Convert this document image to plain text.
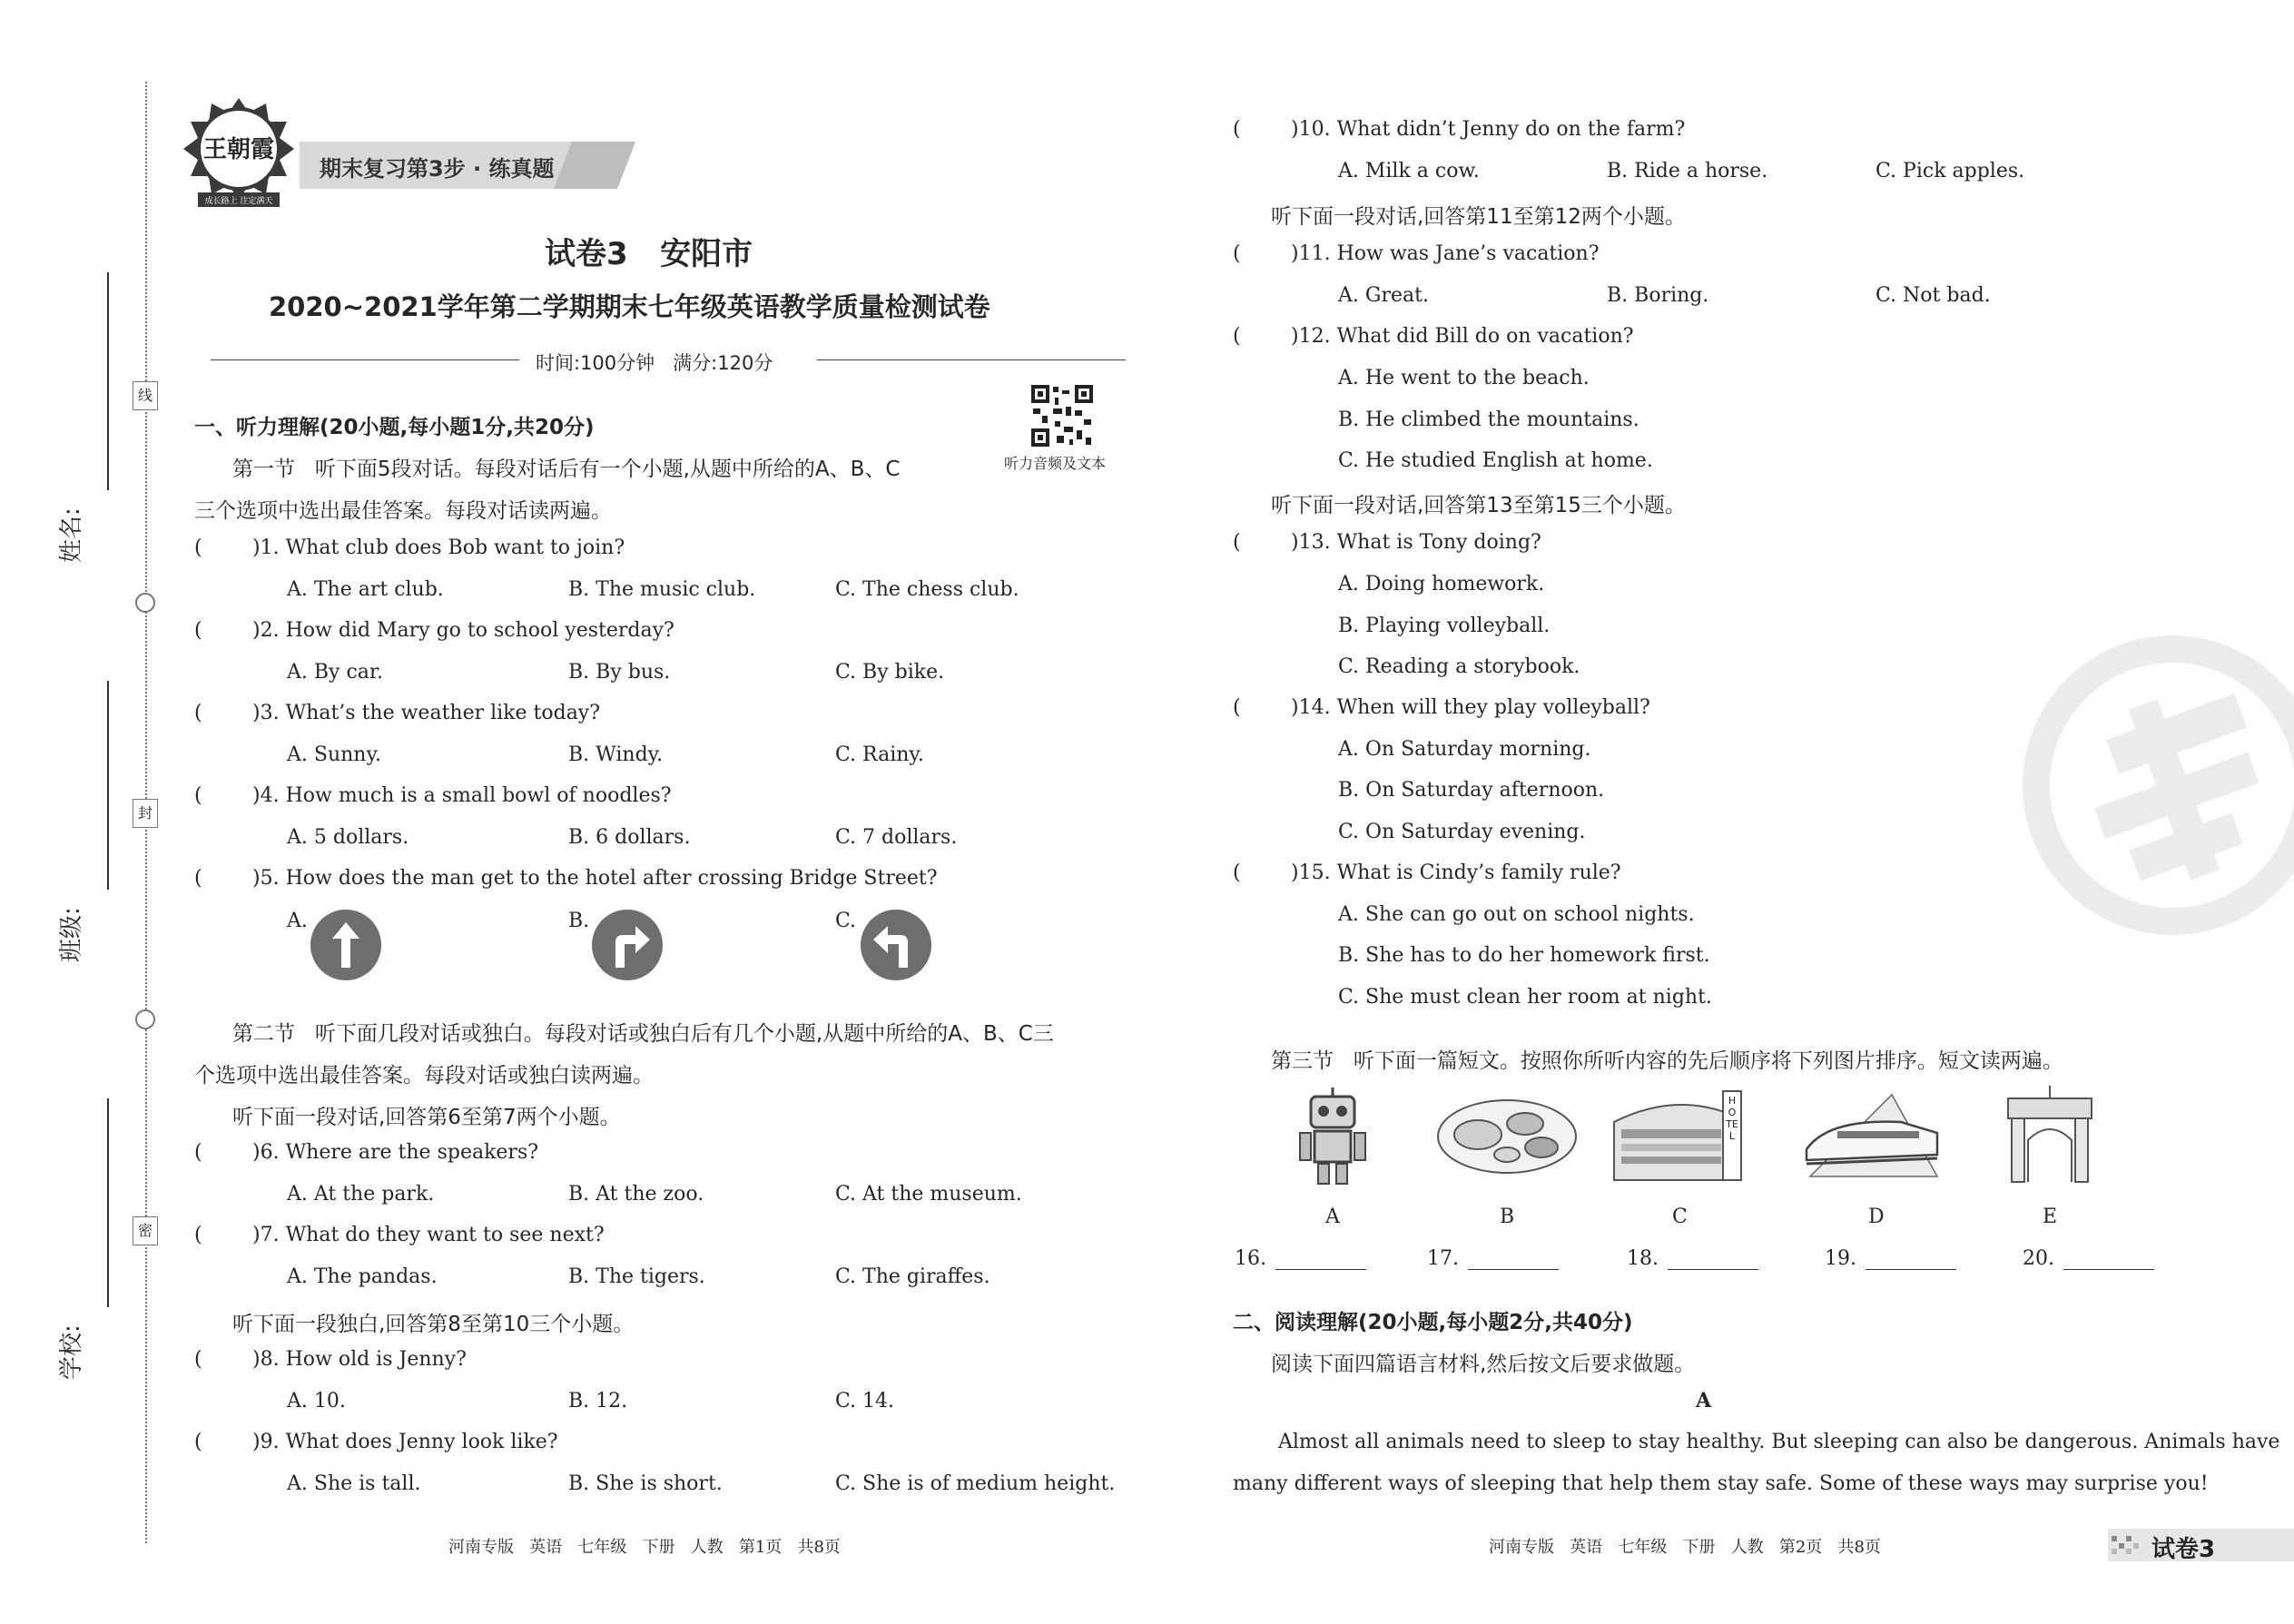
线
封
密
姓名:
班级:
学校:
王朝霞
成长路上 注定满天
期末复习第3步 · 练真题
试卷3   安阳市
2020~2021学年第二学期期末七年级英语教学质量检测试卷
时间:100分钟   满分:120分
听力音频及文本
一、听力理解(20小题,每小题1分,共20分)
第一节   听下面5段对话。每段对话后有一个小题,从题中所给的A、B、C
三个选项中选出最佳答案。每段对话读两遍。
(	)1. What club does Bob want to join?
A. The art club.	B. The music club.	C. The chess club.
(	)2. How did Mary go to school yesterday?
A. By car.	B. By bus.	C. By bike.
(	)3. What’s the weather like today?
A. Sunny.	B. Windy.	C. Rainy.
(	)4. How much is a small bowl of noodles?
A. 5 dollars.	B. 6 dollars.	C. 7 dollars.
(	)5. How does the man get to the hotel after crossing Bridge Street?
A.	B.	C.
第二节   听下面几段对话或独白。每段对话或独白后有几个小题,从题中所给的A、B、C三
个选项中选出最佳答案。每段对话或独白读两遍。
听下面一段对话,回答第6至第7两个小题。
(	)6. Where are the speakers?
A. At the park.	B. At the zoo.	C. At the museum.
(	)7. What do they want to see next?
A. The pandas.	B. The tigers.	C. The giraffes.
听下面一段独白,回答第8至第10三个小题。
(	)8. How old is Jenny?
A. 10.	B. 12.	C. 14.
(	)9. What does Jenny look like?
A. She is tall.	B. She is short.	C. She is of medium height.
河南专版   英语   七年级   下册   人教   第1页   共8页
(	)10. What didn’t Jenny do on the farm?
A. Milk a cow.	B. Ride a horse.	C. Pick apples.
听下面一段对话,回答第11至第12两个小题。
(	)11. How was Jane’s vacation?
A. Great.	B. Boring.	C. Not bad.
(	)12. What did Bill do on vacation?
A. He went to the beach.
B. He climbed the mountains.
C. He studied English at home.
听下面一段对话,回答第13至第15三个小题。
(	)13. What is Tony doing?
A. Doing homework.
B. Playing volleyball.
C. Reading a storybook.
(	)14. When will they play volleyball?
A. On Saturday morning.
B. On Saturday afternoon.
C. On Saturday evening.
(	)15. What is Cindy’s family rule?
A. She can go out on school nights.
B. She has to do her homework first.
C. She must clean her room at night.
第三节   听下面一篇短文。按照你所听内容的先后顺序将下列图片排序。短文读两遍。
HOTEL
A	B	C	D	E
16.	17.	18.	19.	20.
二、阅读理解(20小题,每小题2分,共40分)
阅读下面四篇语言材料,然后按文后要求做题。
A
Almost all animals need to sleep to stay healthy. But sleeping can also be dangerous. Animals have
many different ways of sleeping that help them stay safe. Some of these ways may surprise you!
河南专版   英语   七年级   下册   人教   第2页   共8页	试卷3
